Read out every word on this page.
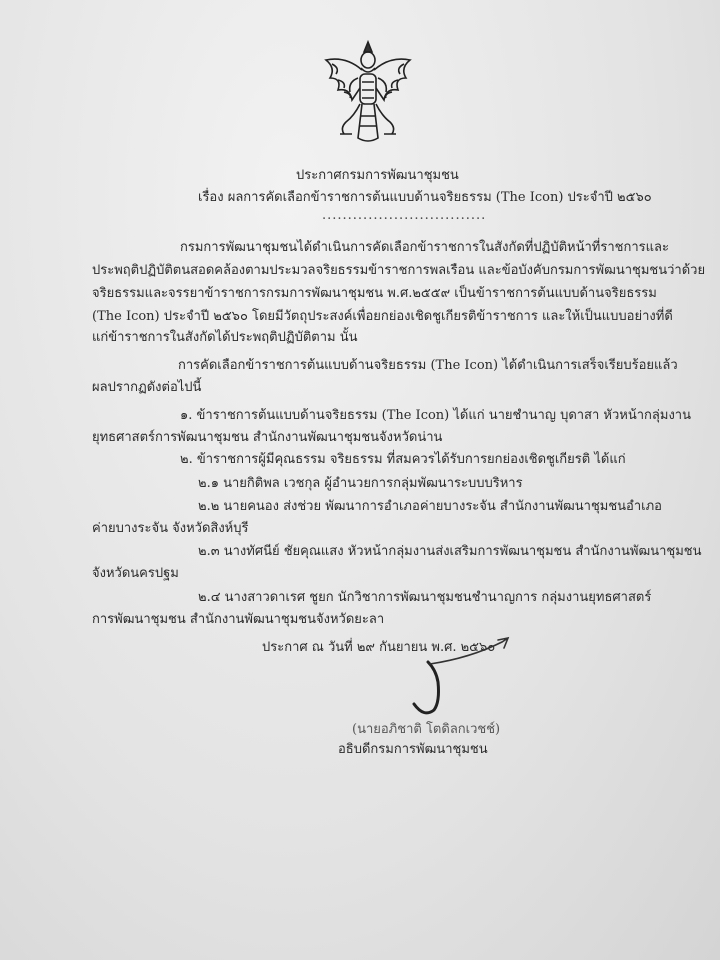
ประกาศกรมการพัฒนาชุมชน
เรื่อง ผลการคัดเลือกข้าราชการต้นแบบด้านจริยธรรม (The Icon) ประจำปี ๒๕๖๐
................................
กรมการพัฒนาชุมชนได้ดำเนินการคัดเลือกข้าราชการในสังกัดที่ปฏิบัติหน้าที่ราชการและ
ประพฤติปฏิบัติตนสอดคล้องตามประมวลจริยธรรมข้าราชการพลเรือน และข้อบังคับกรมการพัฒนาชุมชนว่าด้วย
จริยธรรมและจรรยาข้าราชการกรมการพัฒนาชุมชน พ.ศ.๒๕๕๙ เป็นข้าราชการต้นแบบด้านจริยธรรม
(The Icon) ประจำปี ๒๕๖๐ โดยมีวัตถุประสงค์เพื่อยกย่องเชิดชูเกียรติข้าราชการ และให้เป็นแบบอย่างที่ดี
แก่ข้าราชการในสังกัดได้ประพฤติปฏิบัติตาม นั้น
การคัดเลือกข้าราชการต้นแบบด้านจริยธรรม (The Icon) ได้ดำเนินการเสร็จเรียบร้อยแล้ว
ผลปรากฏดังต่อไปนี้
๑. ข้าราชการต้นแบบด้านจริยธรรม (The Icon) ได้แก่ นายชำนาญ บุดาสา หัวหน้ากลุ่มงาน
ยุทธศาสตร์การพัฒนาชุมชน สำนักงานพัฒนาชุมชนจังหวัดน่าน
๒. ข้าราชการผู้มีคุณธรรม จริยธรรม ที่สมควรได้รับการยกย่องเชิดชูเกียรติ ได้แก่
๒.๑ นายกิติพล เวชกุล ผู้อำนวยการกลุ่มพัฒนาระบบบริหาร
๒.๒ นายคนอง ส่งช่วย พัฒนาการอำเภอค่ายบางระจัน สำนักงานพัฒนาชุมชนอำเภอ
ค่ายบางระจัน จังหวัดสิงห์บุรี
๒.๓ นางทัศนีย์ ชัยคุณแสง หัวหน้ากลุ่มงานส่งเสริมการพัฒนาชุมชน สำนักงานพัฒนาชุมชน
จังหวัดนครปฐม
๒.๔ นางสาวดาเรศ ชูยก นักวิชาการพัฒนาชุมชนชำนาญการ กลุ่มงานยุทธศาสตร์
การพัฒนาชุมชน สำนักงานพัฒนาชุมชนจังหวัดยะลา
ประกาศ ณ วันที่ ๒๙ กันยายน พ.ศ. ๒๕๖๐
(นายอภิชาติ โตดิลกเวชช์)
อธิบดีกรมการพัฒนาชุมชน
